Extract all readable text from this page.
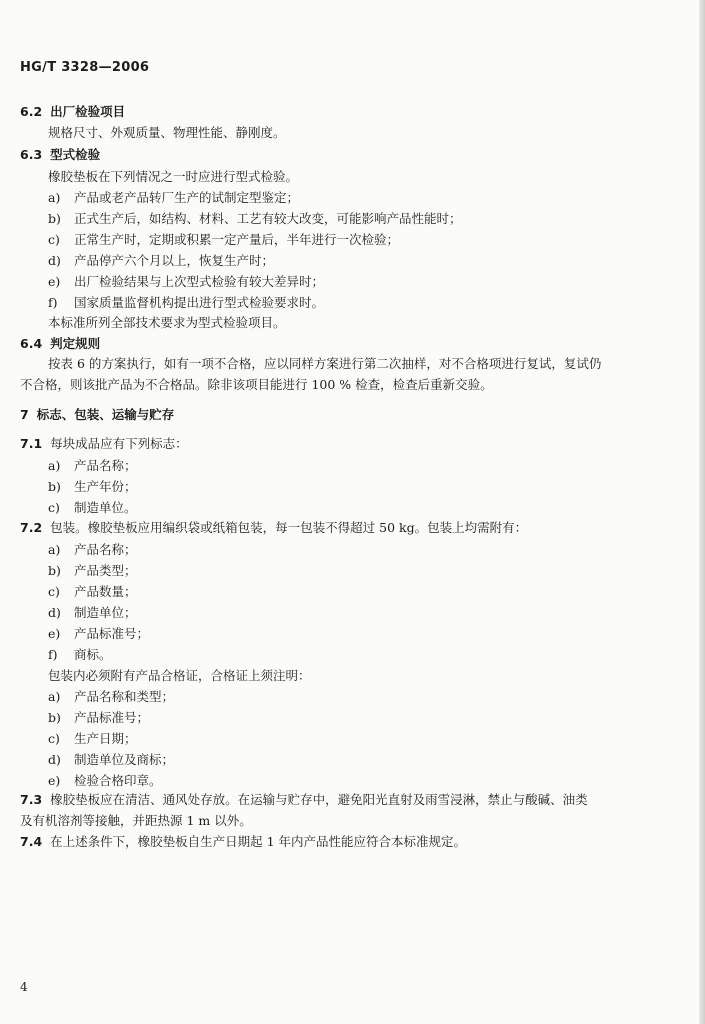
HG/T 3328—2006
6.2 出厂检验项目
规格尺寸、外观质量、物理性能、静刚度。
6.3 型式检验
橡胶垫板在下列情况之一时应进行型式检验。
a) 产品或老产品转厂生产的试制定型鉴定；
b) 正式生产后，如结构、材料、工艺有较大改变，可能影响产品性能时；
c) 正常生产时，定期或积累一定产量后，半年进行一次检验；
d) 产品停产六个月以上，恢复生产时；
e) 出厂检验结果与上次型式检验有较大差异时；
f) 国家质量监督机构提出进行型式检验要求时。
本标准所列全部技术要求为型式检验项目。
6.4 判定规则
按表 6 的方案执行，如有一项不合格，应以同样方案进行第二次抽样，对不合格项进行复试，复试仍
不合格，则该批产品为不合格品。除非该项目能进行 100 % 检查，检查后重新交验。
7 标志、包装、运输与贮存
7.1 每块成品应有下列标志：
a) 产品名称；
b) 生产年份；
c) 制造单位。
7.2 包装。橡胶垫板应用编织袋或纸箱包装，每一包装不得超过 50 kg。包装上均需附有：
a) 产品名称；
b) 产品类型；
c) 产品数量；
d) 制造单位；
e) 产品标准号；
f) 商标。
包装内必须附有产品合格证，合格证上须注明：
a) 产品名称和类型；
b) 产品标准号；
c) 生产日期；
d) 制造单位及商标；
e) 检验合格印章。
7.3 橡胶垫板应在清洁、通风处存放。在运输与贮存中，避免阳光直射及雨雪浸淋，禁止与酸碱、油类
及有机溶剂等接触，并距热源 1 m 以外。
7.4 在上述条件下，橡胶垫板自生产日期起 1 年内产品性能应符合本标准规定。
4
